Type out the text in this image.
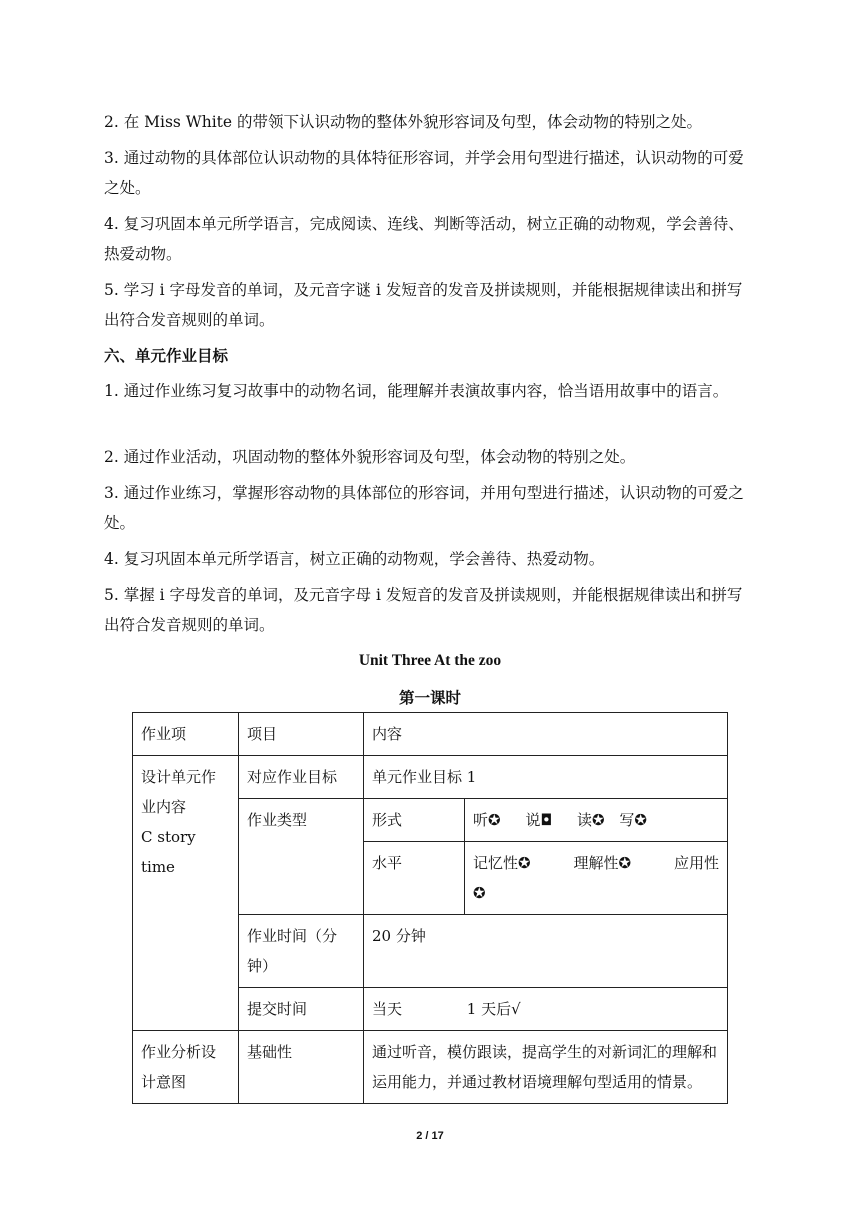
2. 在 Miss White 的带领下认识动物的整体外貌形容词及句型，体会动物的特别之处。

3. 通过动物的具体部位认识动物的具体特征形容词，并学会用句型进行描述，认识动物的可爱之处。

4. 复习巩固本单元所学语言，完成阅读、连线、判断等活动，树立正确的动物观，学会善待、热爱动物。

5. 学习 i 字母发音的单词，及元音字谜 i 发短音的发音及拼读规则，并能根据规律读出和拼写出符合发音规则的单词。

六、单元作业目标

1. 通过作业练习复习故事中的动物名词，能理解并表演故事内容，恰当语用故事中的语言。

2. 通过作业活动，巩固动物的整体外貌形容词及句型，体会动物的特别之处。

3. 通过作业练习，掌握形容动物的具体部位的形容词，并用句型进行描述，认识动物的可爱之处。

4. 复习巩固本单元所学语言，树立正确的动物观，学会善待、热爱动物。

5. 掌握 i 字母发音的单词，及元音字母 i 发短音的发音及拼读规则，并能根据规律读出和拼写出符合发音规则的单词。

Unit Three At the zoo
第一课时
作业项	项目	内容	

设计单元作
业内容
C story time	对应作业目标	单元作业目标 1	
	作业类型	形式	听✪ 说◘ 读✪ 写✪
		水平	记忆性✪ 理解性✪ 应用性
✪

	作业时间（分钟）	20 分钟	
	提交时间	当天 1 天后√	
作业分析设计意图	基础性	通过听音，模仿跟读，提高学生的对新词汇的理解和运用能力，并通过教材语境理解句型适用的情景。	
2 / 17
